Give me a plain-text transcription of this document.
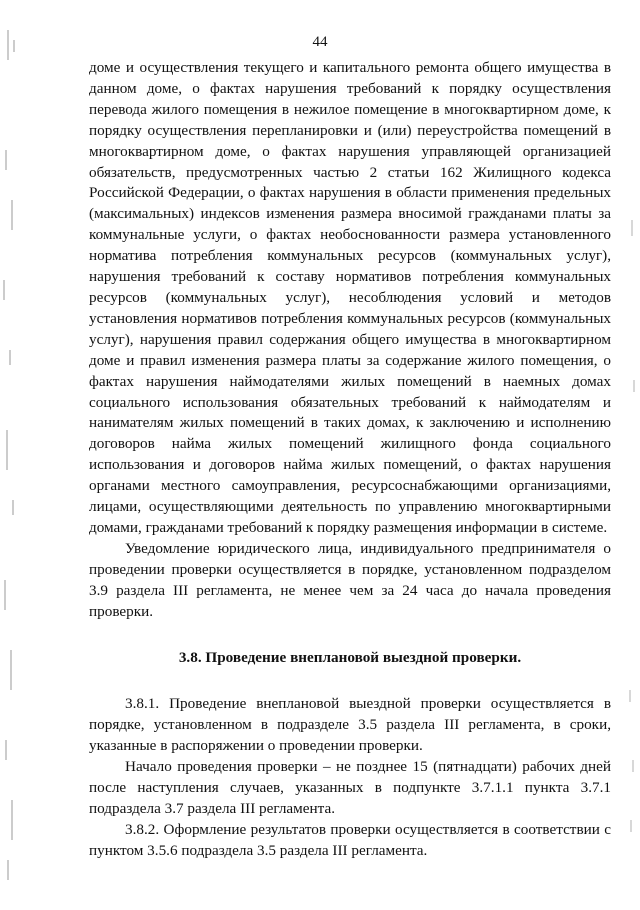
44

доме и осуществления текущего и капитального ремонта общего имущества в данном доме, о фактах нарушения требований к порядку осуществления перевода жилого помещения в нежилое помещение в многоквартирном доме, к порядку осуществления перепланировки и (или) переустройства помещений в многоквартирном доме, о фактах нарушения управляющей организацией обязательств, предусмотренных частью 2 статьи 162 Жилищного кодекса Российской Федерации, о фактах нарушения в области применения предельных (максимальных) индексов изменения размера вносимой гражданами платы за коммунальные услуги, о фактах необоснованности размера установленного норматива потребления коммунальных ресурсов (коммунальных услуг), нарушения требований к составу нормативов потребления коммунальных ресурсов (коммунальных услуг), несоблюдения условий и методов установления нормативов потребления коммунальных ресурсов (коммунальных услуг), нарушения правил содержания общего имущества в многоквартирном доме и правил изменения размера платы за содержание жилого помещения, о фактах нарушения наймодателями жилых помещений в наемных домах социального использования обязательных требований к наймодателям и нанимателям жилых помещений в таких домах, к заключению и исполнению договоров найма жилых помещений жилищного фонда социального использования и договоров найма жилых помещений, о фактах нарушения органами местного самоуправления, ресурсоснабжающими организациями, лицами, осуществляющими деятельность по управлению многоквартирными домами, гражданами требований к порядку размещения информации в системе.

Уведомление юридического лица, индивидуального предпринимателя о проведении проверки осуществляется в порядке, установленном подразделом 3.9 раздела III регламента, не менее чем за 24 часа до начала проведения проверки.

3.8. Проведение внеплановой выездной проверки.

3.8.1. Проведение внеплановой выездной проверки осуществляется в порядке, установленном в подразделе 3.5 раздела III регламента, в сроки, указанные в распоряжении о проведении проверки.

Начало проведения проверки – не позднее 15 (пятнадцати) рабочих дней после наступления случаев, указанных в подпункте 3.7.1.1 пункта 3.7.1 подраздела 3.7 раздела III регламента.

3.8.2. Оформление результатов проверки осуществляется в соответствии с пунктом 3.5.6 подраздела 3.5 раздела III регламента.
